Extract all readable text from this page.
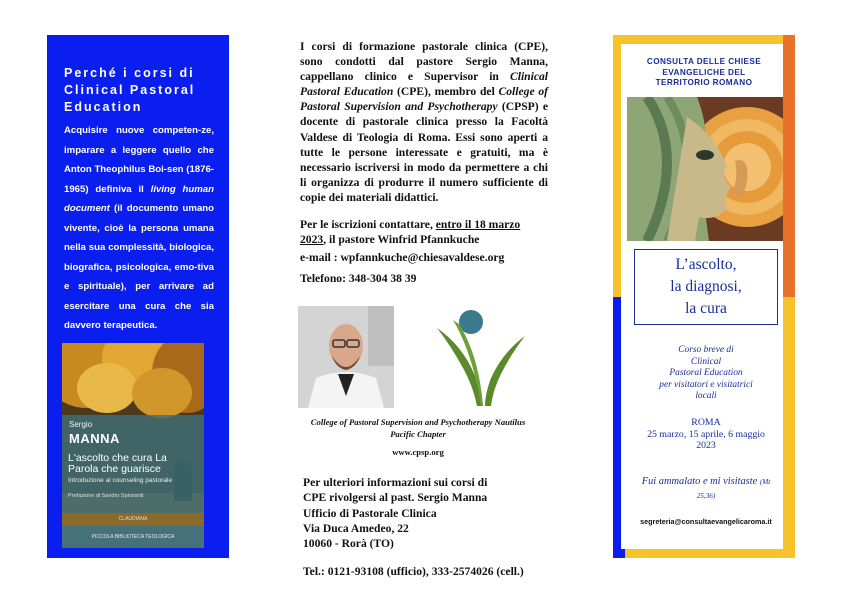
Perché i corsi di Clinical Pastoral Education
Acquisire nuove competen-ze, imparare a leggere quello che Anton Theophilus Boi-sen (1876-1965) definiva il living human document (il documento umano vivente, cioè la persona umana nella sua complessità, biologica, biografica, psicologica, emo-tiva e spirituale), per arrivare ad esercitare una cura che sia davvero terapeutica.
Sergio
MANNA
L'ascolto che cura La Parola che guarisce
Introduzione al counseling pastorale
Prefazione di Sandro Spinsanti
CLAUDIANA
PICCOLA BIBLIOTECA TEOLOGICA
I corsi di formazione pastorale clinica (CPE), sono condotti dal pastore Sergio Manna, cappellano clinico e Supervisor in Clinical Pastoral Education (CPE), membro del College of Pastoral Supervision and Psychotherapy (CPSP) e docente di pastorale clinica presso la Facoltà Valdese di Teologia di Roma. Essi sono aperti a tutte le persone interessate e gratuiti, ma è necessario iscriversi in modo da permettere a chi li organizza di produrre il numero sufficiente di copie dei materiali didattici.
Per le iscrizioni contattare, entro il 18 marzo 2023, il pastore Winfrid Pfannkuche
e-mail : wpfannkuche@chiesavaldese.org
Telefono: 348-304 38 39
College of Pastoral Supervision and Psychotherapy Nautilus Pacific Chapter
www.cpsp.org
Per ulteriori informazioni sui corsi di
CPE rivolgersi al past. Sergio Manna
Ufficio di Pastorale Clinica
Via Duca Amedeo, 22
10060 - Rorà (TO)
Tel.: 0121-93108 (ufficio), 333-2574026 (cell.)
CONSULTA DELLE CHIESE
EVANGELICHE DEL
TERRITORIO ROMANO
L’ascolto,
la diagnosi,
la cura
Corso breve di
Clinical
Pastoral Education
per visitatori e visitatrici
locali
ROMA
25 marzo, 15 aprile, 6 maggio 2023
Fui ammalato e mi visitaste (Mt 25,36)
segreteria@consultaevangelicaroma.it
